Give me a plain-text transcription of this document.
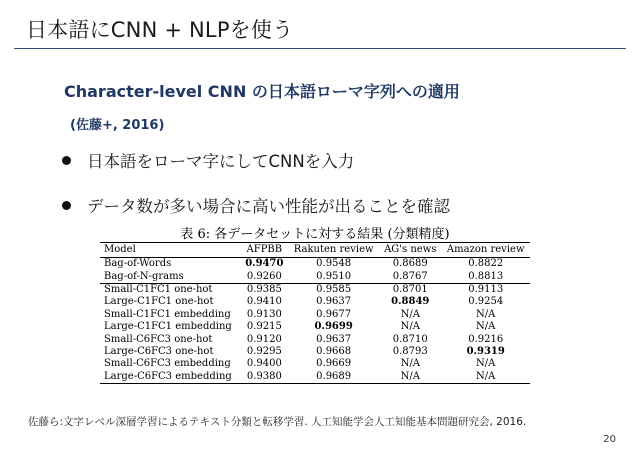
日本語にCNN + NLPを使う
Character-level CNN の日本語ローマ字列への適用
(佐藤+, 2016)
日本語をローマ字にしてCNNを入力
データ数が多い場合に高い性能が出ることを確認
表 6: 各データセットに対する結果 (分類精度)
Model	AFPBB	Rakuten review	AG's news	Amazon review
Bag-of-Words	0.9470	0.9548	0.8689	0.8822
Bag-of-N-grams	0.9260	0.9510	0.8767	0.8813
Small-C1FC1 one-hot	0.9385	0.9585	0.8701	0.9113
Large-C1FC1 one-hot	0.9410	0.9637	0.8849	0.9254
Small-C1FC1 embedding	0.9130	0.9677	N/A	N/A
Large-C1FC1 embedding	0.9215	0.9699	N/A	N/A
Small-C6FC3 one-hot	0.9120	0.9637	0.8710	0.9216
Large-C6FC3 one-hot	0.9295	0.9668	0.8793	0.9319
Small-C6FC3 embedding	0.9400	0.9669	N/A	N/A
Large-C6FC3 embedding	0.9380	0.9689	N/A	N/A
佐藤ら:文字レベル深層学習によるテキスト分類と転移学習. 人工知能学会人工知能基本問題研究会, 2016.
20
